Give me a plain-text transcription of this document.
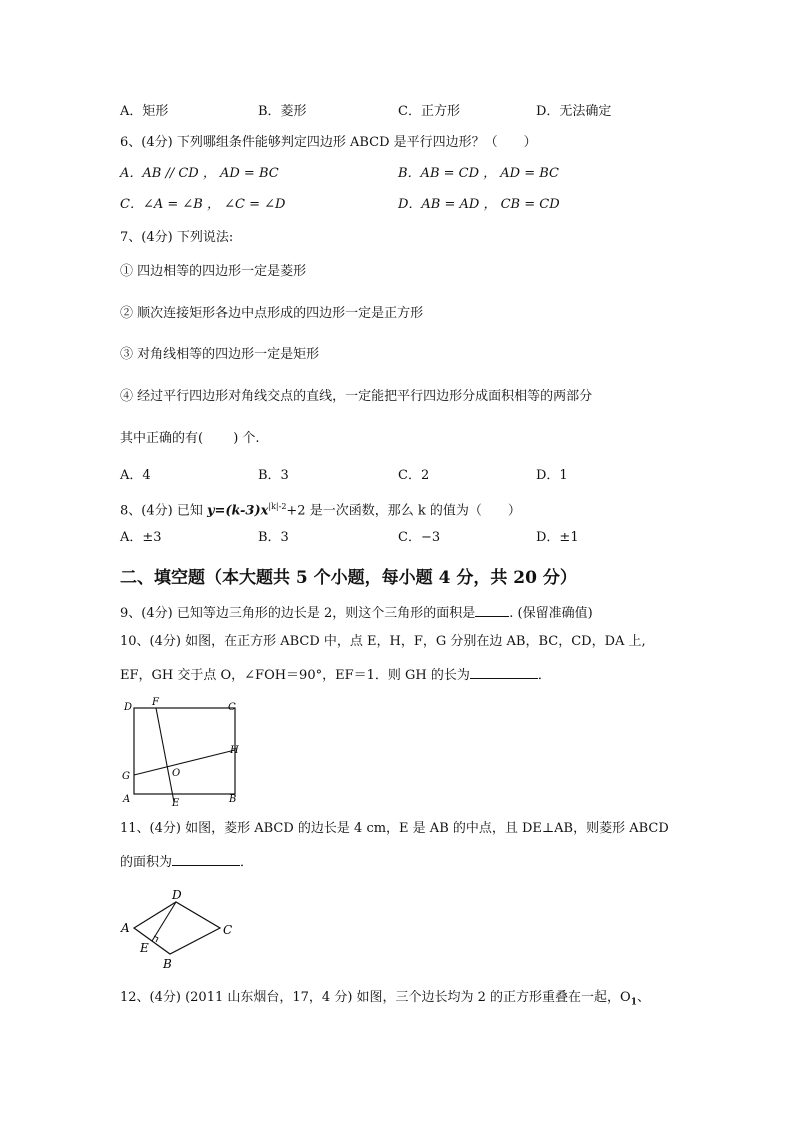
A．矩形	B．菱形	C．正方形	D．无法确定
6、(4分) 下列哪组条件能够判定四边形 ABCD 是平行四边形？（　　）
A．AB // CD ， AD = BC	B．AB = CD ， AD = BC
C．∠A = ∠B ， ∠C = ∠D	D．AB = AD ， CB = CD
7、(4分) 下列说法:
① 四边相等的四边形一定是菱形
② 顺次连接矩形各边中点形成的四边形一定是正方形
③ 对角线相等的四边形一定是矩形
④ 经过平行四边形对角线交点的直线，一定能把平行四边形分成面积相等的两部分
其中正确的有(　　 ) 个.
A．4	B．3	C．2	D．1
8、(4分) 已知 $y=(k-3)x^{|k|-2}+2$ 是一次函数，那么 k 的值为（　　）
A．±3	B．3	C．−3	D．±1
二、填空题（本大题共 5 个小题，每小题 4 分，共 20 分）
9、(4分) 已知等边三角形的边长是 2，则这个三角形的面积是	. (保留准确值)
10、(4分) 如图，在正方形 ABCD 中，点 E，H，F，G 分别在边 AB，BC，CD，DA 上,
EF，GH 交于点 O，∠FOH＝90°，EF＝1．则 GH 的长为	．
D F	C
H
G	O
A	E	B
11、(4分) 如图，菱形 ABCD 的边长是 4 cm，E 是 AB 的中点，且 DE⊥AB，则菱形 ABCD
的面积为	．
A
D
C
E
B
12、(4分) (2011 山东烟台，17，4 分) 如图，三个边长均为 2 的正方形重叠在一起，$O_1$、
